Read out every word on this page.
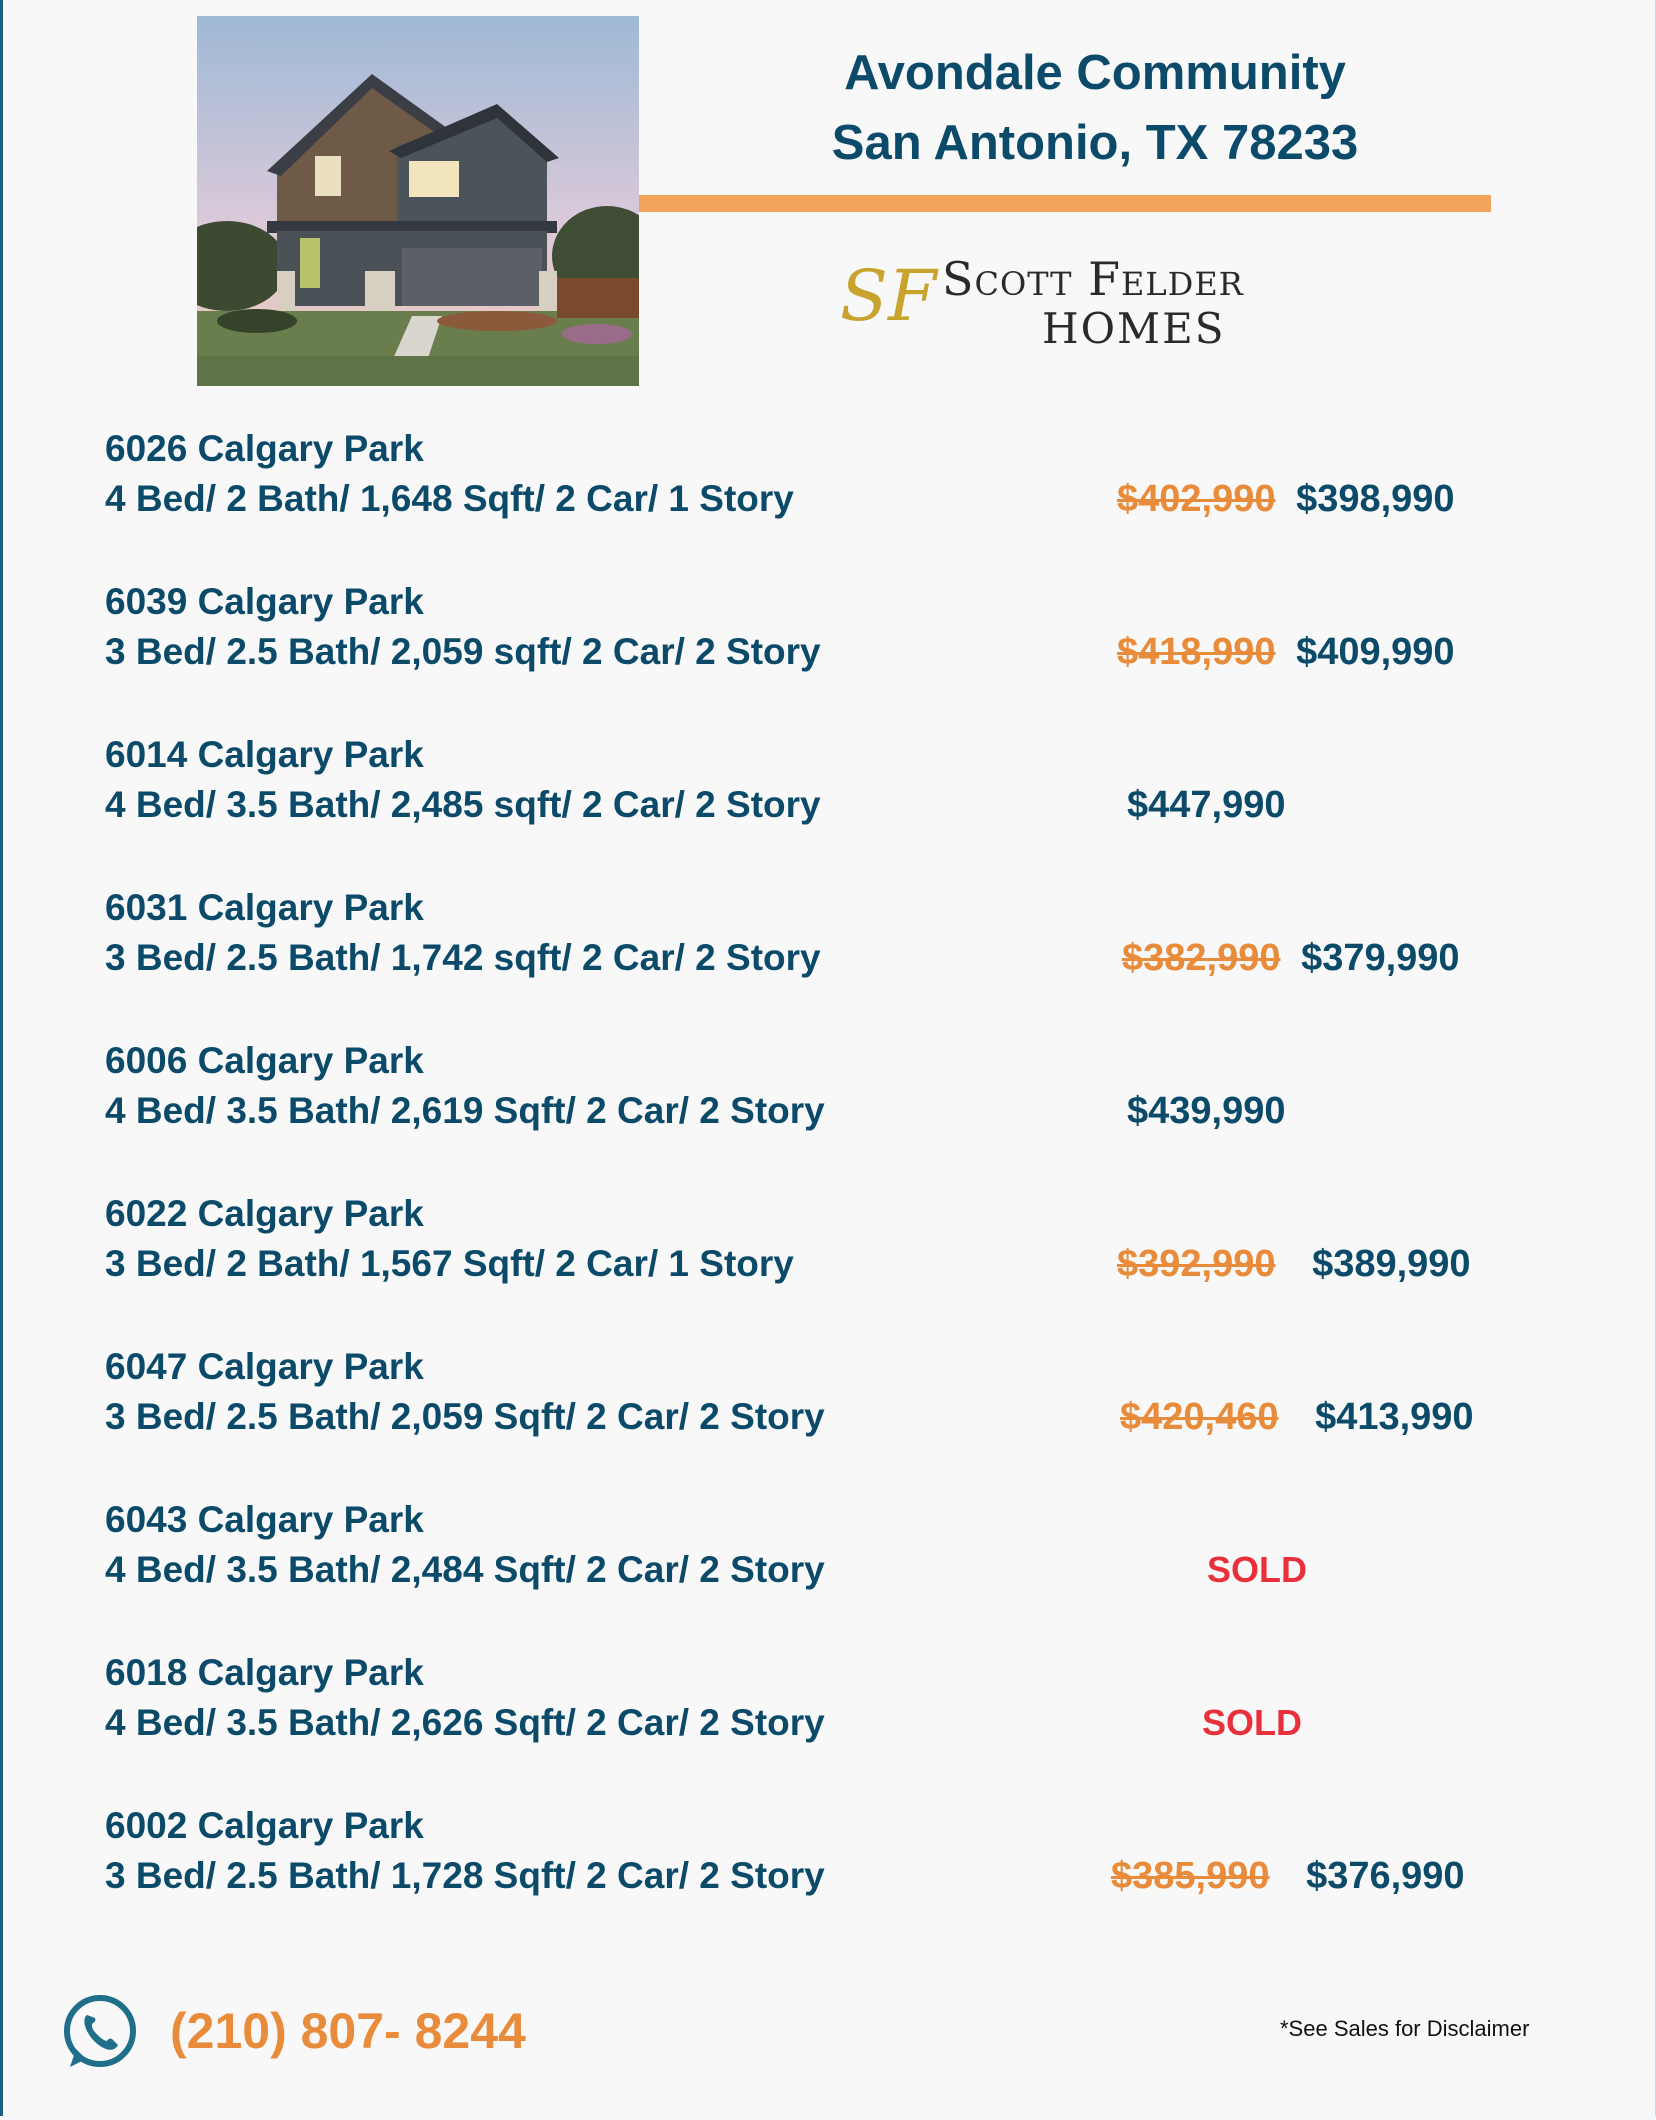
Avondale Community
San Antonio, TX 78233
SF Scott Felder
HOMES
6026 Calgary Park
4 Bed/ 2 Bath/ 1,648 Sqft/ 2 Car/ 1 Story	$402,990 $398,990
6039 Calgary Park
3 Bed/ 2.5 Bath/ 2,059 sqft/ 2 Car/ 2 Story	$418,990 $409,990
6014 Calgary Park
4 Bed/ 3.5 Bath/ 2,485 sqft/ 2 Car/ 2 Story	$447,990
6031 Calgary Park
3 Bed/ 2.5 Bath/ 1,742 sqft/ 2 Car/ 2 Story	$382,990 $379,990
6006 Calgary Park
4 Bed/ 3.5 Bath/ 2,619 Sqft/ 2 Car/ 2 Story	$439,990
6022 Calgary Park
3 Bed/ 2 Bath/ 1,567 Sqft/ 2 Car/ 1 Story	$392,990 $389,990
6047 Calgary Park
3 Bed/ 2.5 Bath/ 2,059 Sqft/ 2 Car/ 2 Story	$420,460 $413,990
6043 Calgary Park
4 Bed/ 3.5 Bath/ 2,484 Sqft/ 2 Car/ 2 Story	SOLD
6018 Calgary Park
4 Bed/ 3.5 Bath/ 2,626 Sqft/ 2 Car/ 2 Story	SOLD
6002 Calgary Park
3 Bed/ 2.5 Bath/ 1,728 Sqft/ 2 Car/ 2 Story	$385,990 $376,990
(210) 807- 8244	*See Sales for Disclaimer
